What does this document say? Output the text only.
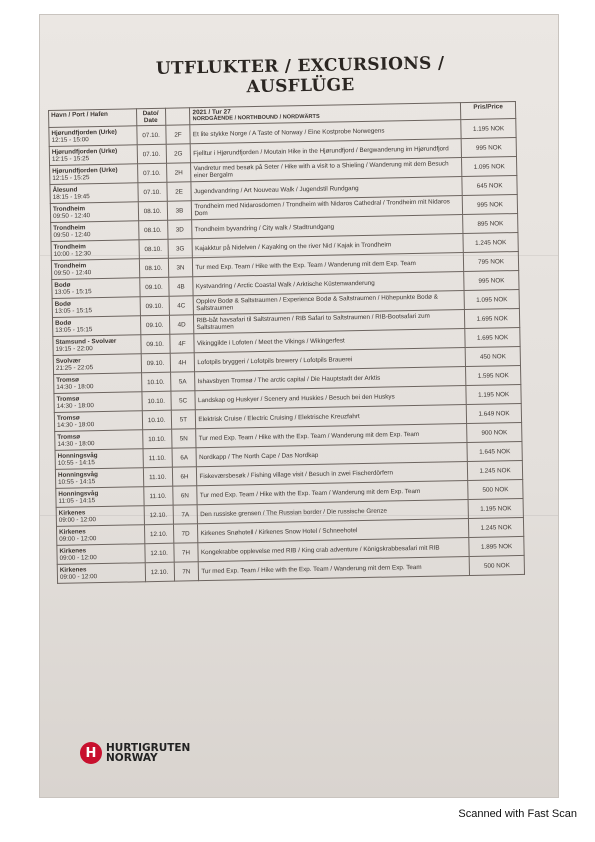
UTFLUKTER / EXCURSIONS / AUSFLÜGE
Havn / Port / Hafen	Dato/ Date		2021 / Tur 27
NORDGÅENDE / NORTHBOUND / NORDWÄRTS	Pris/Price

Hjørundfjorden (Urke)
12:15 - 15:00	07.10.	2F	Et lite stykke Norge / A Taste of Norway / Eine Kostprobe Norwegens	1.195 NOK

Hjørundfjorden (Urke)
12:15 - 15:25	07.10.	2G	Fjelltur i Hjørundfjorden / Moutain Hike in the Hjørundfjord / Bergwanderung im Hjørundfjord	995 NOK

Hjørundfjorden (Urke)
12:15 - 15:25	07.10.	2H	Vandretur med besøk på Seter / Hike with a visit to a Shieling / Wanderung mit dem Besuch einer Bergalm	1.095 NOK

Ålesund
18:15 - 19:45	07.10.	2E	Jugendvandring / Art Nouveau Walk / Jugendstil Rundgang	645 NOK

Trondheim
09:50 - 12:40	08.10.	3B	Trondheim med Nidarosdomen / Trondheim with Nidaros Cathedral / Trondheim mit Nidaros Dom	995 NOK

Trondheim
09:50 - 12:40	08.10.	3D	Trondheim byvandring / City walk / Stadtrundgang	895 NOK

Trondheim
10:00 - 12:30	08.10.	3G	Kajakktur på Nidelven / Kayaking on the river Nid / Kajak in Trondheim	1.245 NOK

Trondheim
09:50 - 12:40	08.10.	3N	Tur med Exp. Team / Hike with the Exp. Team / Wanderung mit dem Exp. Team	795 NOK

Bodø
13:05 - 15:15	09.10.	4B	Kystvandring / Arctic Coastal Walk / Arktische Küstenwanderung	995 NOK

Bodø
13:05 - 15:15	09.10.	4C	Opplev Bodø & Saltstraumen / Experience Bodø & Saltstraumen / Höhepunkte Bodø & Saltstraumen	1.095 NOK

Bodø
13:05 - 15:15	09.10.	4D	RIB-båt havsafari til Saltstraumen / RIB Safari to Saltstraumen / RIB-Bootsafari zum Saltstraumen	1.695 NOK

Stamsund - Svolvær
19:15 - 22:00	09.10.	4F	Vikinggilde i Lofoten / Meet the Vikings / Wikingerfest	1.695 NOK

Svolvær
21:25 - 22:05	09.10.	4H	Lofotpils bryggeri / Lofotpils brewery / Lofotpils Brauerei	450 NOK

Tromsø
14:30 - 18:00	10.10.	5A	Ishavsbyen Tromsø / The arctic capital / Die Hauptstadt der Arktis	1.595 NOK

Tromsø
14:30 - 18:00	10.10.	5C	Landskap og Huskyer / Scenery and Huskies / Besuch bei den Huskys	1.195 NOK

Tromsø
14:30 - 18:00	10.10.	5T	Elektrisk Cruise / Electric Cruising / Elektrische Kreuzfahrt	1.649 NOK

Tromsø
14:30 - 18:00	10.10.	5N	Tur med Exp. Team / Hike with the Exp. Team / Wanderung mit dem Exp. Team	900 NOK

Honningsvåg
10:55 - 14:15	11.10.	6A	Nordkapp / The North Cape / Das Nordkap	1.645 NOK

Honningsvåg
10:55 - 14:15	11.10.	6H	Fiskeværsbesøk / Fishing village visit / Besuch in zwei Fischerdörfern	1.245 NOK

Honningsvåg
11:05 - 14:15	11.10.	6N	Tur med Exp. Team / Hike with the Exp. Team / Wanderung mit dem Exp. Team	500 NOK

Kirkenes
09:00 - 12:00	12.10.	7A	Den russiske grensen / The Russian border / Die russische Grenze	1.195 NOK

Kirkenes
09:00 - 12:00	12.10.	7D	Kirkenes Snøhotell / Kirkenes Snow Hotel / Schneehotel	1.245 NOK

Kirkenes
09:00 - 12:00	12.10.	7H	Kongekrabbe opplevelse med RIB / King crab adventure / Königskrabbesafari mit RIB	1.895 NOK

Kirkenes
09:00 - 12:00	12.10.	7N	Tur med Exp. Team / Hike with the Exp. Team / Wanderung mit dem Exp. Team	500 NOK
H HURTIGRUTEN
NORWAY
Scanned with Fast Scan
